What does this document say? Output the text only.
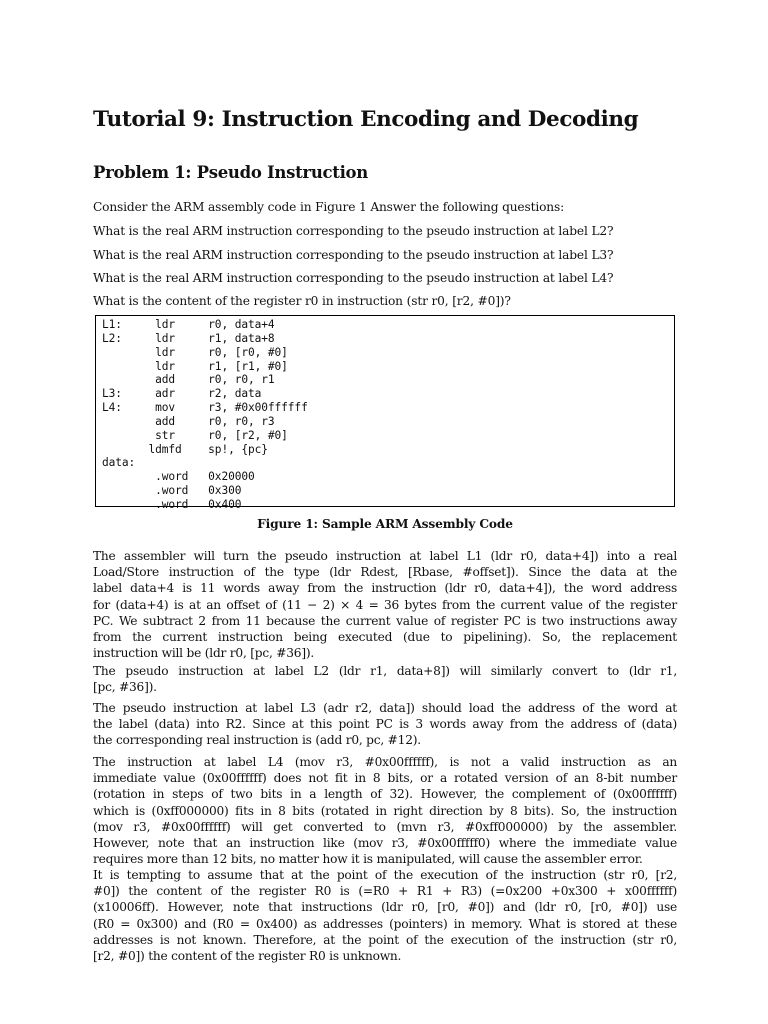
Tutorial 9: Instruction Encoding and Decoding
Problem 1: Pseudo Instruction
Consider the ARM assembly code in Figure 1 Answer the following questions:
What is the real ARM instruction corresponding to the pseudo instruction at label L2?
What is the real ARM instruction corresponding to the pseudo instruction at label L3?
What is the real ARM instruction corresponding to the pseudo instruction at label L4?
What is the content of the register r0 in instruction (str r0, [r2, #0])?
L1:     ldr     r0, data+4
L2:     ldr     r1, data+8
ldr     r0, [r0, #0]
ldr     r1, [r1, #0]
add     r0, r0, r1
L3:     adr     r2, data
L4:     mov     r3, #0x00ffffff
add     r0, r0, r3
str     r0, [r2, #0]
ldmfd    sp!, {pc}
data:
.word   0x20000
.word   0x300
.word   0x400
Figure 1: Sample ARM Assembly Code
The assembler will turn the pseudo instruction at label L1 (ldr r0, data+4]) into a real
Load/Store instruction of the type (ldr Rdest, [Rbase, #offset]). Since the data at the
label data+4 is 11 words away from the instruction (ldr r0, data+4]), the word address
for (data+4) is at an offset of (11 − 2) × 4 = 36 bytes from the current value of the register
PC. We subtract 2 from 11 because the current value of register PC is two instructions away
from the current instruction being executed (due to pipelining). So, the replacement
instruction will be (ldr r0, [pc, #36]).
The pseudo instruction at label L2 (ldr r1, data+8]) will similarly convert to (ldr r1,
[pc, #36]).
The pseudo instruction at label L3 (adr r2, data]) should load the address of the word at
the label (data) into R2. Since at this point PC is 3 words away from the address of (data)
the corresponding real instruction is (add r0, pc, #12).
The instruction at label L4 (mov r3, #0x00ffffff), is not a valid instruction as an
immediate value (0x00ffffff) does not fit in 8 bits, or a rotated version of an 8-bit number
(rotation in steps of two bits in a length of 32). However, the complement of (0x00ffffff)
which is (0xff000000) fits in 8 bits (rotated in right direction by 8 bits). So, the instruction
(mov r3, #0x00ffffff) will get converted to (mvn r3, #0xff000000) by the assembler.
However, note that an instruction like (mov r3, #0x00fffff0) where the immediate value
requires more than 12 bits, no matter how it is manipulated, will cause the assembler error.
It is tempting to assume that at the point of the execution of the instruction (str r0, [r2,
#0]) the content of the register R0 is (=R0 + R1 + R3) (=0x200 +0x300 + x00ffffff)
(x10006ff). However, note that instructions (ldr r0, [r0, #0]) and (ldr r0, [r0, #0]) use
(R0 = 0x300) and (R0 = 0x400) as addresses (pointers) in memory. What is stored at these
addresses is not known. Therefore, at the point of the execution of the instruction (str r0,
[r2, #0]) the content of the register R0 is unknown.
